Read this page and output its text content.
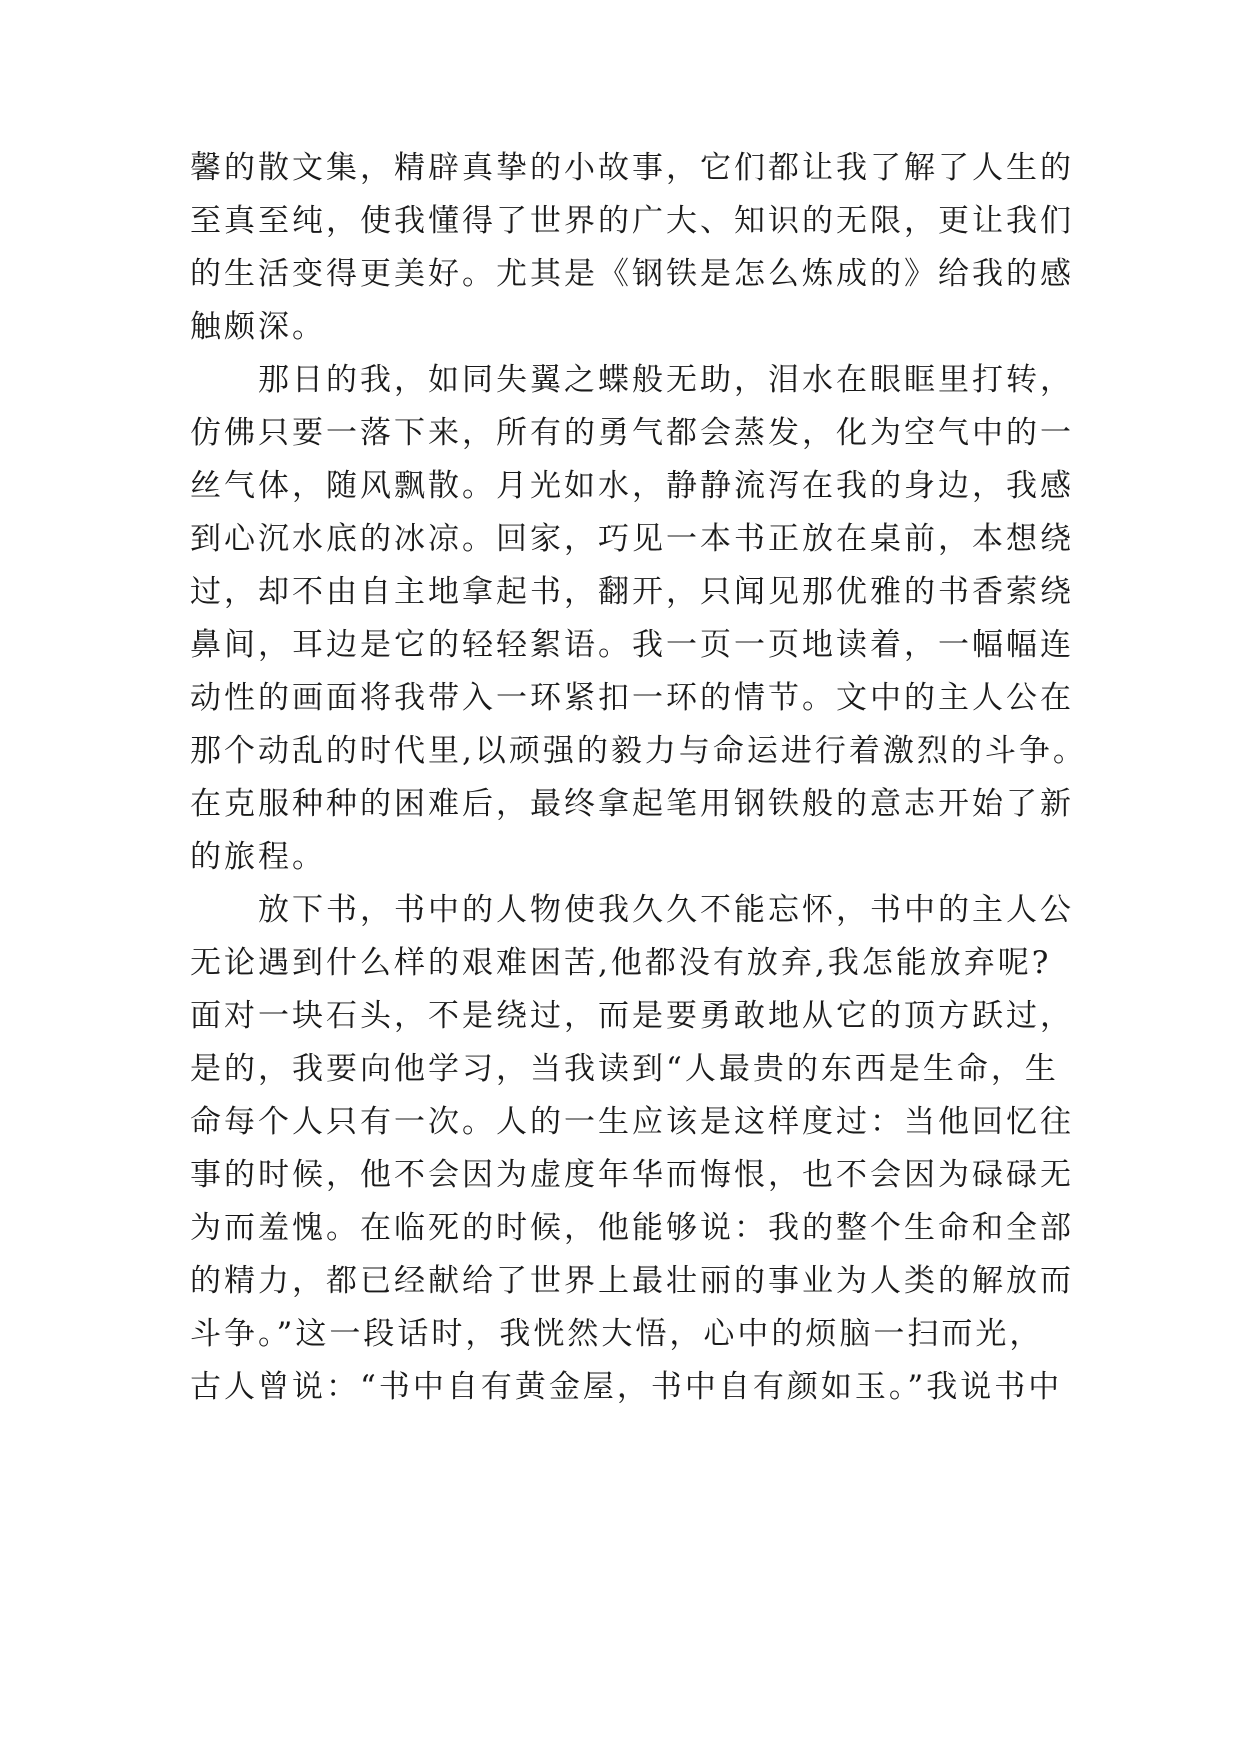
馨的散文集，精辟真挚的小故事，它们都让我了解了人生的
至真至纯，使我懂得了世界的广大、知识的无限，更让我们
的生活变得更美好。尤其是《钢铁是怎么炼成的》给我的感
触颇深。
　　那日的我，如同失翼之蝶般无助，泪水在眼眶里打转，
仿佛只要一落下来，所有的勇气都会蒸发，化为空气中的一
丝气体，随风飘散。月光如水，静静流泻在我的身边，我感
到心沉水底的冰凉。回家，巧见一本书正放在桌前，本想绕
过，却不由自主地拿起书，翻开，只闻见那优雅的书香萦绕
鼻间，耳边是它的轻轻絮语。我一页一页地读着，一幅幅连
动性的画面将我带入一环紧扣一环的情节。文中的主人公在
那个动乱的时代里,以顽强的毅力与命运进行着激烈的斗争。
在克服种种的困难后，最终拿起笔用钢铁般的意志开始了新
的旅程。
　　放下书，书中的人物使我久久不能忘怀，书中的主人公
无论遇到什么样的艰难困苦,他都没有放弃,我怎能放弃呢?
面对一块石头，不是绕过，而是要勇敢地从它的顶方跃过，
是的，我要向他学习，当我读到“人最贵的东西是生命，生
命每个人只有一次。人的一生应该是这样度过：当他回忆往
事的时候，他不会因为虚度年华而悔恨，也不会因为碌碌无
为而羞愧。在临死的时候，他能够说：我的整个生命和全部
的精力，都已经献给了世界上最壮丽的事业为人类的解放而
斗争。”这一段话时，我恍然大悟，心中的烦脑一扫而光，
古人曾说：“书中自有黄金屋，书中自有颜如玉。”我说书中
